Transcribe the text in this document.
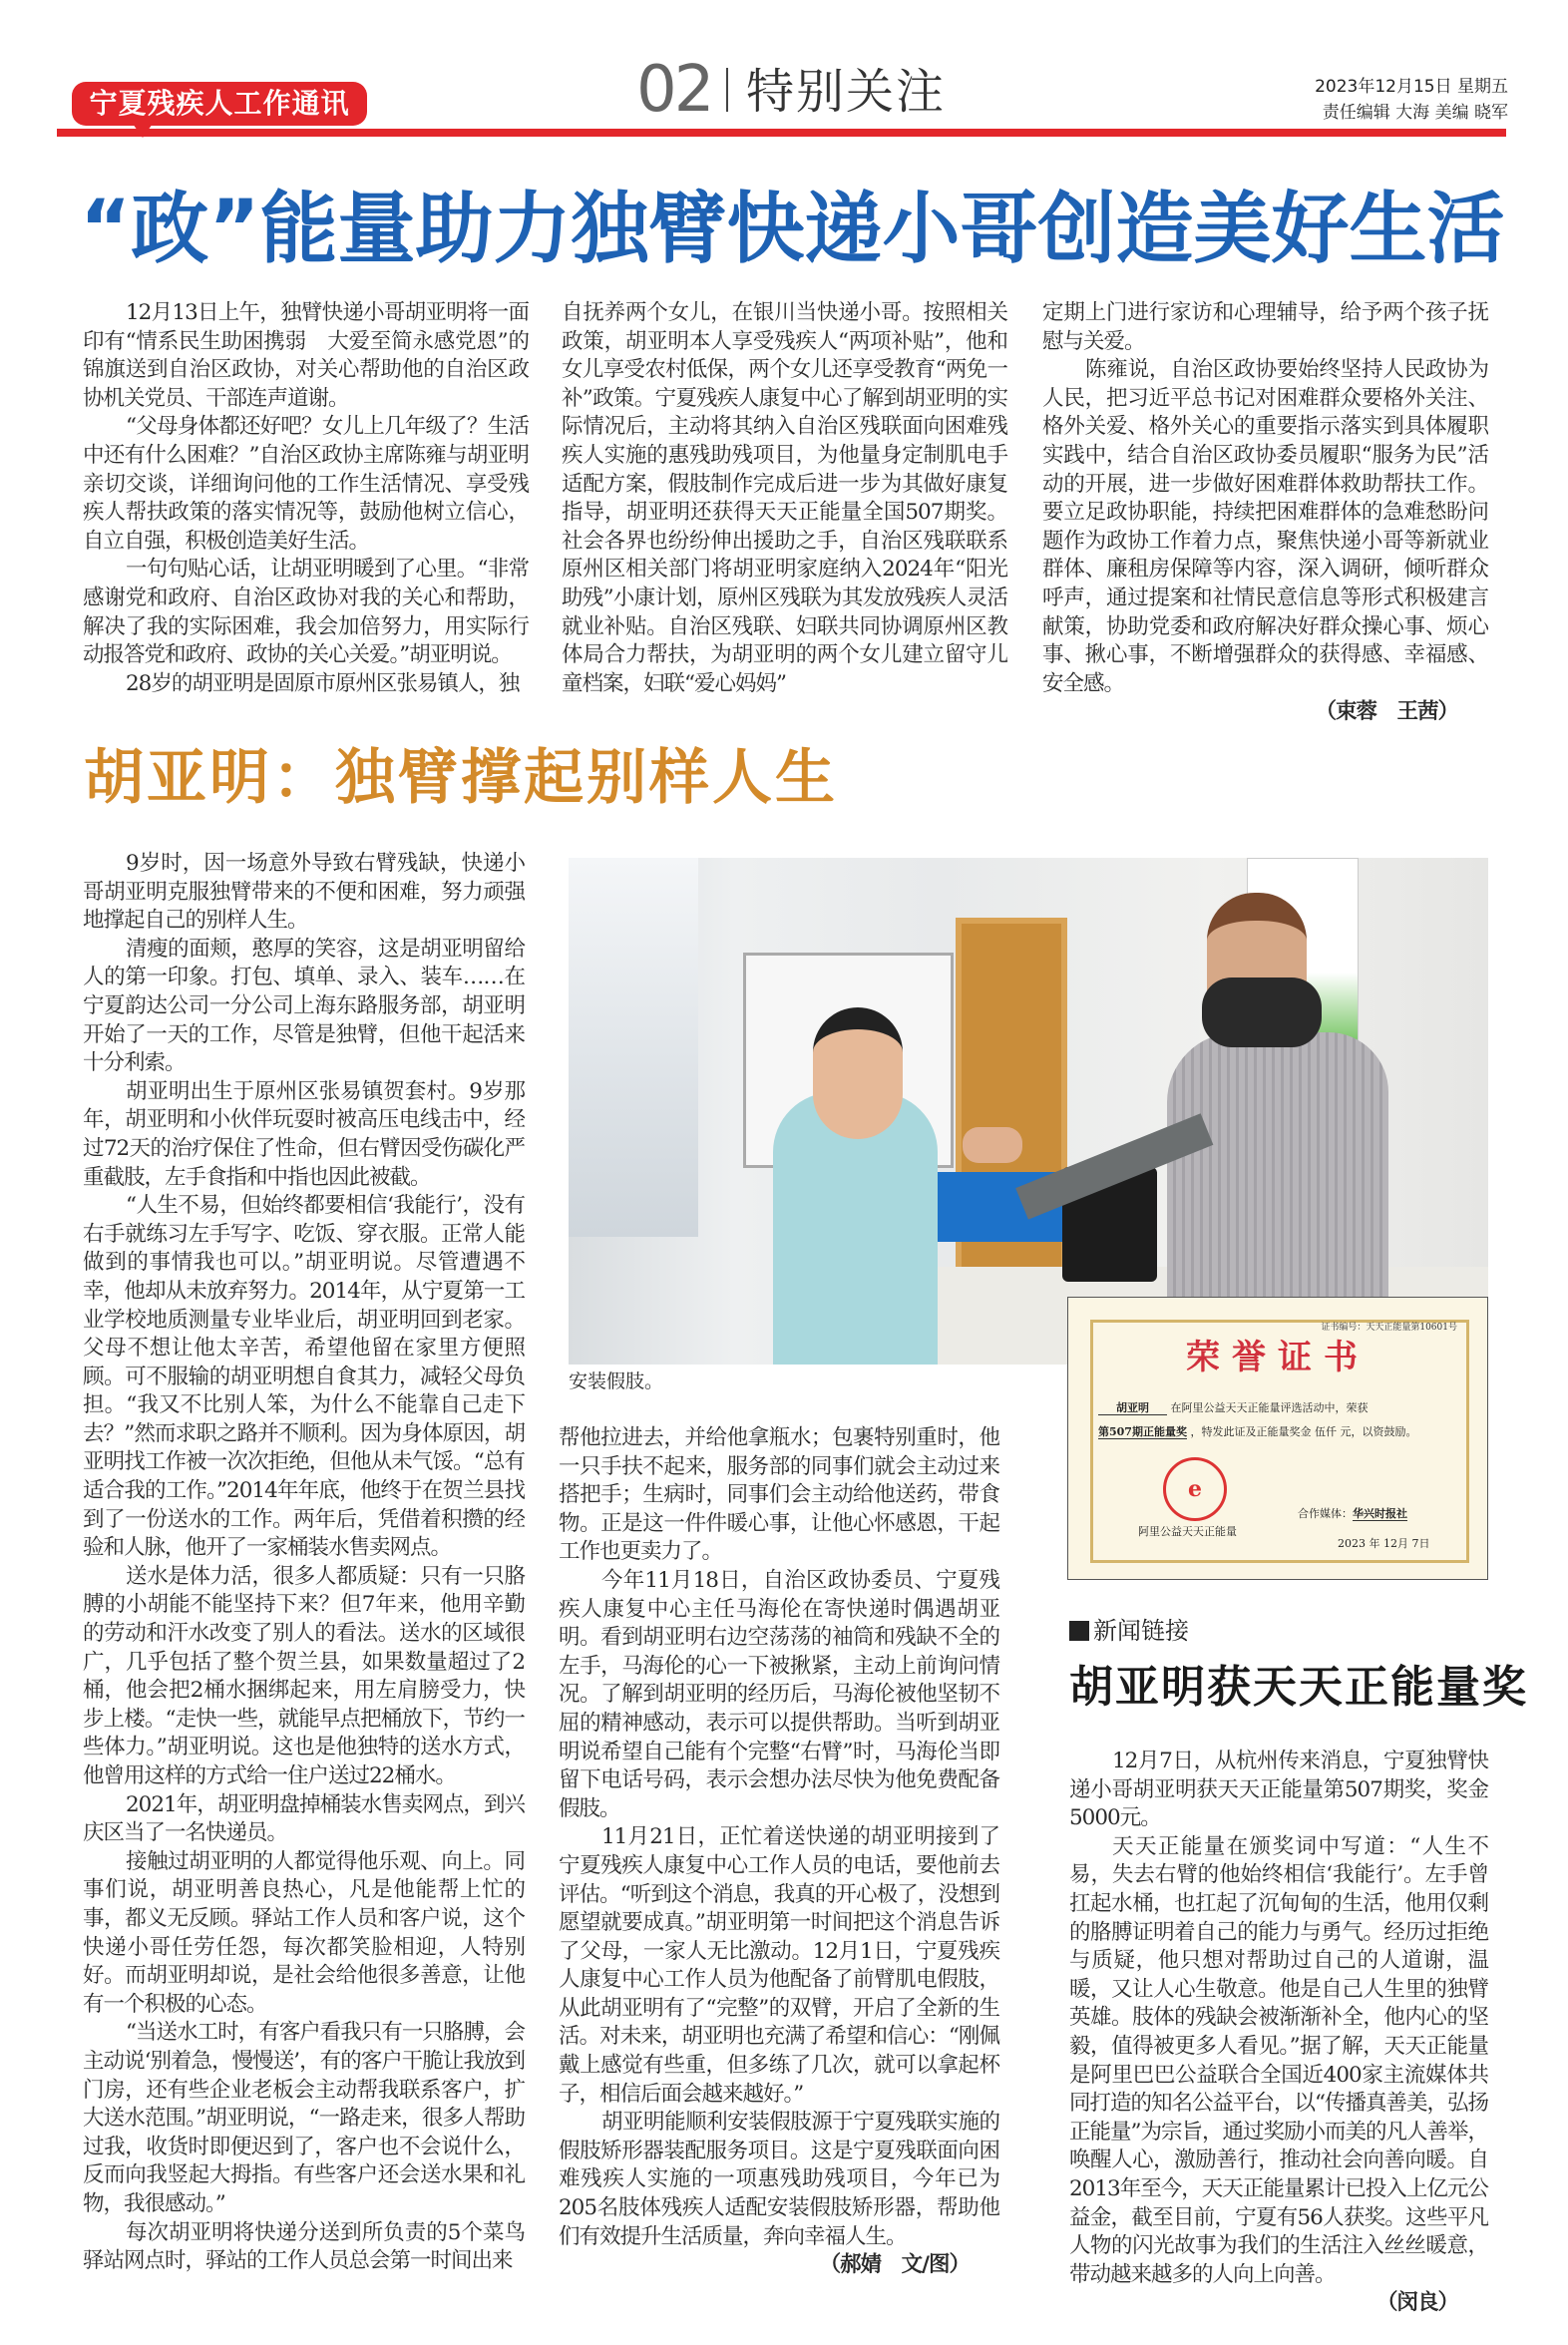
宁夏残疾人工作通讯	02 特别关注	2023年12月15日 星期五
责任编辑 大海 美编 晓军
“政”能量助力独臂快递小哥创造美好生活

12月13日上午，独臂快递小哥胡亚明将一面印有“情系民生助困携弱　大爱至简永感党恩”的锦旗送到自治区政协，对关心帮助他的自治区政协机关党员、干部连声道谢。

“父母身体都还好吧？女儿上几年级了？生活中还有什么困难？”自治区政协主席陈雍与胡亚明亲切交谈，详细询问他的工作生活情况、享受残疾人帮扶政策的落实情况等，鼓励他树立信心，自立自强，积极创造美好生活。

一句句贴心话，让胡亚明暖到了心里。“非常感谢党和政府、自治区政协对我的关心和帮助，解决了我的实际困难，我会加倍努力，用实际行动报答党和政府、政协的关心关爱。”胡亚明说。

28岁的胡亚明是固原市原州区张易镇人，独

自抚养两个女儿，在银川当快递小哥。按照相关政策，胡亚明本人享受残疾人“两项补贴”，他和女儿享受农村低保，两个女儿还享受教育“两免一补”政策。宁夏残疾人康复中心了解到胡亚明的实际情况后，主动将其纳入自治区残联面向困难残疾人实施的惠残助残项目，为他量身定制肌电手适配方案，假肢制作完成后进一步为其做好康复指导，胡亚明还获得天天正能量全国507期奖。社会各界也纷纷伸出援助之手，自治区残联联系原州区相关部门将胡亚明家庭纳入2024年“阳光助残”小康计划，原州区残联为其发放残疾人灵活就业补贴。自治区残联、妇联共同协调原州区教体局合力帮扶，为胡亚明的两个女儿建立留守儿童档案，妇联“爱心妈妈”

定期上门进行家访和心理辅导，给予两个孩子抚慰与关爱。

陈雍说，自治区政协要始终坚持人民政协为人民，把习近平总书记对困难群众要格外关注、格外关爱、格外关心的重要指示落实到具体履职实践中，结合自治区政协委员履职“服务为民”活动的开展，进一步做好困难群体救助帮扶工作。要立足政协职能，持续把困难群体的急难愁盼问题作为政协工作着力点，聚焦快递小哥等新就业群体、廉租房保障等内容，深入调研，倾听群众呼声，通过提案和社情民意信息等形式积极建言献策，协助党委和政府解决好群众操心事、烦心事、揪心事，不断增强群众的获得感、幸福感、安全感。

（束蓉　王茜）

胡亚明：独臂撑起别样人生

9岁时，因一场意外导致右臂残缺，快递小哥胡亚明克服独臂带来的不便和困难，努力顽强地撑起自己的别样人生。

清瘦的面颊，憨厚的笑容，这是胡亚明留给人的第一印象。打包、填单、录入、装车……在宁夏韵达公司一分公司上海东路服务部，胡亚明开始了一天的工作，尽管是独臂，但他干起活来十分利索。

胡亚明出生于原州区张易镇贺套村。9岁那年，胡亚明和小伙伴玩耍时被高压电线击中，经过72天的治疗保住了性命，但右臂因受伤碳化严重截肢，左手食指和中指也因此被截。

“人生不易，但始终都要相信‘我能行’，没有右手就练习左手写字、吃饭、穿衣服。正常人能做到的事情我也可以。”胡亚明说。尽管遭遇不幸，他却从未放弃努力。2014年，从宁夏第一工业学校地质测量专业毕业后，胡亚明回到老家。父母不想让他太辛苦，希望他留在家里方便照顾。可不服输的胡亚明想自食其力，减轻父母负担。“我又不比别人笨，为什么不能靠自己走下去？”然而求职之路并不顺利。因为身体原因，胡亚明找工作被一次次拒绝，但他从未气馁。“总有适合我的工作。”2014年年底，他终于在贺兰县找到了一份送水的工作。两年后，凭借着积攒的经验和人脉，他开了一家桶装水售卖网点。

送水是体力活，很多人都质疑：只有一只胳膊的小胡能不能坚持下来？但7年来，他用辛勤的劳动和汗水改变了别人的看法。送水的区域很广，几乎包括了整个贺兰县，如果数量超过了2桶，他会把2桶水捆绑起来，用左肩膀受力，快步上楼。“走快一些，就能早点把桶放下，节约一些体力。”胡亚明说。这也是他独特的送水方式，他曾用这样的方式给一住户送过22桶水。

2021年，胡亚明盘掉桶装水售卖网点，到兴庆区当了一名快递员。

接触过胡亚明的人都觉得他乐观、向上。同事们说，胡亚明善良热心，凡是他能帮上忙的事，都义无反顾。驿站工作人员和客户说，这个快递小哥任劳任怨，每次都笑脸相迎，人特别好。而胡亚明却说，是社会给他很多善意，让他有一个积极的心态。

“当送水工时，有客户看我只有一只胳膊，会主动说‘别着急，慢慢送’，有的客户干脆让我放到门房，还有些企业老板会主动帮我联系客户，扩大送水范围。”胡亚明说，“一路走来，很多人帮助过我，收货时即便迟到了，客户也不会说什么，反而向我竖起大拇指。有些客户还会送水果和礼物，我很感动。”

每次胡亚明将快递分送到所负责的5个菜鸟驿站网点时，驿站的工作人员总会第一时间出来

安装假肢。
证书编号：天天正能量第10601号
荣誉证书
胡亚明 在阿里公益天天正能量评选活动中，荣获
第507期正能量奖 ，特发此证及正能量奖金 伍仟 元，以资鼓励。
e
阿里公益天天正能量
合作媒体：华兴时报社
2023 年 12月 7日

帮他拉进去，并给他拿瓶水；包裹特别重时，他一只手扶不起来，服务部的同事们就会主动过来搭把手；生病时，同事们会主动给他送药，带食物。正是这一件件暖心事，让他心怀感恩，干起工作也更卖力了。

今年11月18日，自治区政协委员、宁夏残疾人康复中心主任马海伦在寄快递时偶遇胡亚明。看到胡亚明右边空荡荡的袖筒和残缺不全的左手，马海伦的心一下被揪紧，主动上前询问情况。了解到胡亚明的经历后，马海伦被他坚韧不屈的精神感动，表示可以提供帮助。当听到胡亚明说希望自己能有个完整“右臂”时，马海伦当即留下电话号码，表示会想办法尽快为他免费配备假肢。

11月21日，正忙着送快递的胡亚明接到了宁夏残疾人康复中心工作人员的电话，要他前去评估。“听到这个消息，我真的开心极了，没想到愿望就要成真。”胡亚明第一时间把这个消息告诉了父母，一家人无比激动。12月1日，宁夏残疾人康复中心工作人员为他配备了前臂肌电假肢，从此胡亚明有了“完整”的双臂，开启了全新的生活。对未来，胡亚明也充满了希望和信心：“刚佩戴上感觉有些重，但多练了几次，就可以拿起杯子，相信后面会越来越好。”

胡亚明能顺利安装假肢源于宁夏残联实施的假肢矫形器装配服务项目。这是宁夏残联面向困难残疾人实施的一项惠残助残项目，今年已为205名肢体残疾人适配安装假肢矫形器，帮助他们有效提升生活质量，奔向幸福人生。

（郝婧　文/图）

新闻链接
胡亚明获天天正能量奖

12月7日，从杭州传来消息，宁夏独臂快递小哥胡亚明获天天正能量第507期奖，奖金5000元。

天天正能量在颁奖词中写道：“人生不易，失去右臂的他始终相信‘我能行’。左手曾扛起水桶，也扛起了沉甸甸的生活，他用仅剩的胳膊证明着自己的能力与勇气。经历过拒绝与质疑，他只想对帮助过自己的人道谢，温暖，又让人心生敬意。他是自己人生里的独臂英雄。肢体的残缺会被渐渐补全，他内心的坚毅，值得被更多人看见。”据了解，天天正能量是阿里巴巴公益联合全国近400家主流媒体共同打造的知名公益平台，以“传播真善美，弘扬正能量”为宗旨，通过奖励小而美的凡人善举，唤醒人心，激励善行，推动社会向善向暖。自2013年至今，天天正能量累计已投入上亿元公益金，截至目前，宁夏有56人获奖。这些平凡人物的闪光故事为我们的生活注入丝丝暖意，带动越来越多的人向上向善。

（闵良）
